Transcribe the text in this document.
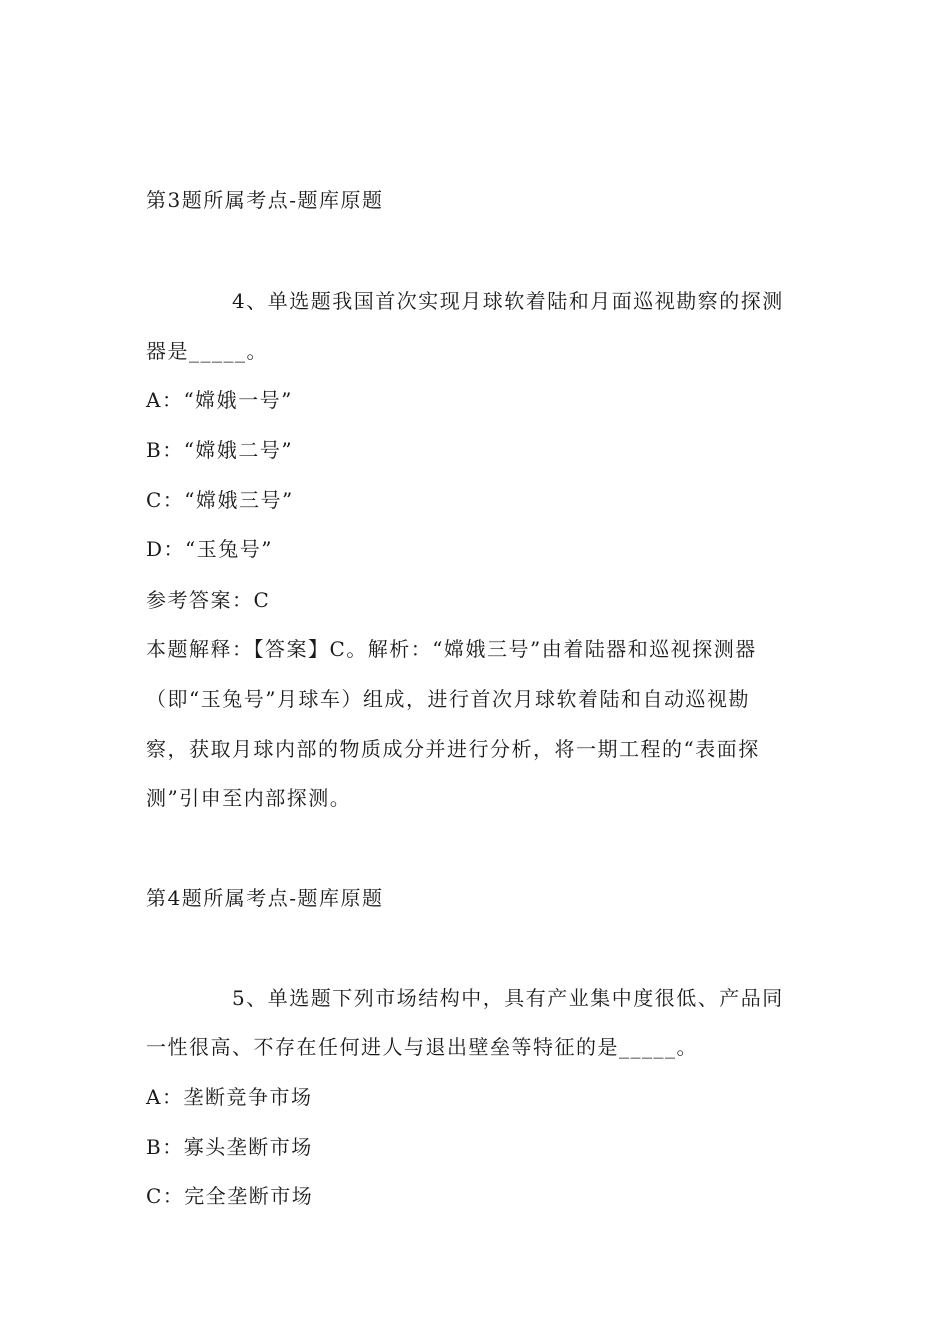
第3题所属考点-题库原题
4、单选题我国首次实现月球软着陆和月面巡视勘察的探测
器是_____。
A：“嫦娥一号”
B：“嫦娥二号”
C：“嫦娥三号”
D：“玉兔号”
参考答案：C
本题解释：【答案】C。解析：“嫦娥三号”由着陆器和巡视探测器
（即“玉兔号”月球车）组成，进行首次月球软着陆和自动巡视勘
察，获取月球内部的物质成分并进行分析，将一期工程的“表面探
测”引申至内部探测。
第4题所属考点-题库原题
5、单选题下列市场结构中，具有产业集中度很低、产品同
一性很高、不存在任何进人与退出壁垒等特征的是_____。
A：垄断竞争市场
B：寡头垄断市场
C：完全垄断市场
